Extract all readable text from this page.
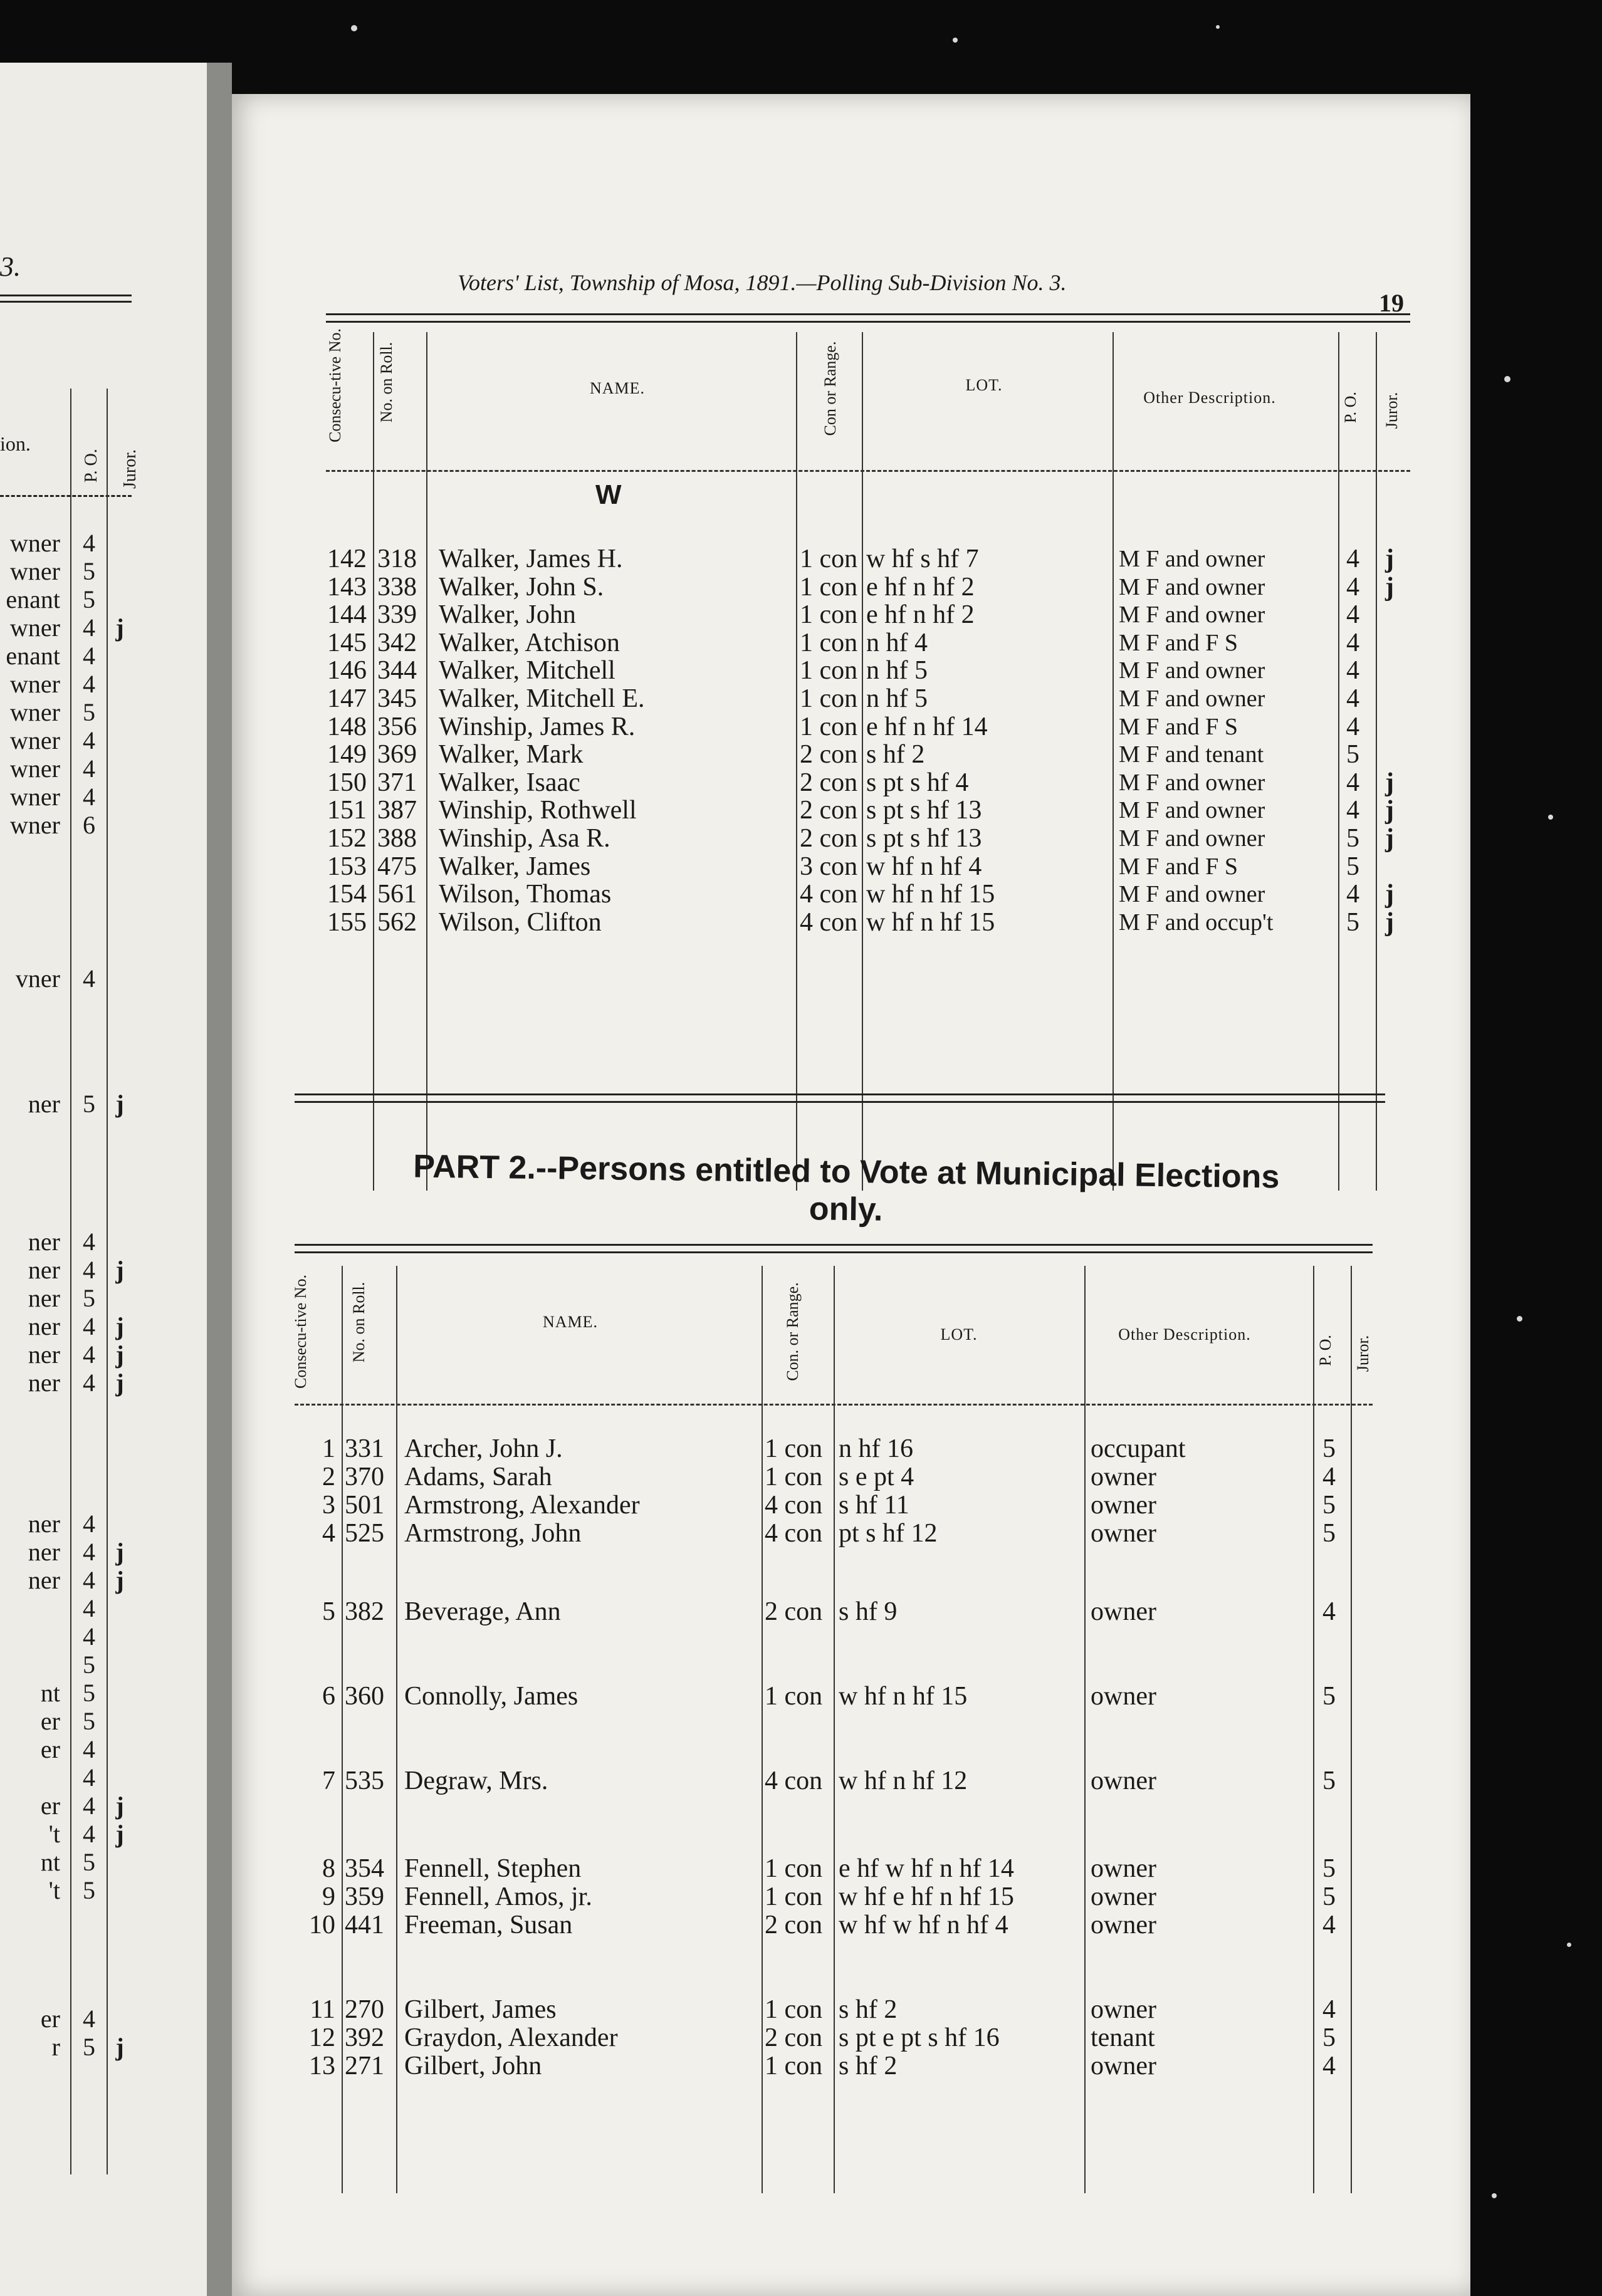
3.
ion.
P. O. Juror.
wner 4
wner 5
enant 5
wner 4 j
enant 4
wner 4
wner 5
wner 4
wner 4
wner 4
wner 6
vner 4
ner 5 j
ner 4
ner 4 j
ner 5
ner 4 j
ner 4 j
ner 4 j
ner 4
ner 4 j
ner 4 j
4
4
5
nt 5
er 5
er 4
4
er 4 j
't 4 j
nt 5
't 5
er 4
r 5 j
Voters' List, Township of Mosa, 1891.—Polling Sub-Division No. 3.
19
Consecu-tive No. No. on Roll.	NAME.	Con or Range.	LOT.
Other Description.	P. O. Juror.
W
142 318 Walker, James H.	1 con w hf s hf 7	M F and owner	4 j
143 338 Walker, John S.	1 con e hf n hf 2	M F and owner	4 j
144 339 Walker, John	1 con e hf n hf 2	M F and owner	4
145 342 Walker, Atchison	1 con n hf 4	M F and F S	4
146 344 Walker, Mitchell	1 con n hf 5	M F and owner	4
147 345 Walker, Mitchell E.	1 con n hf 5	M F and owner	4
148 356 Winship, James R.	1 con e hf n hf 14	M F and F S	4
149 369 Walker, Mark	2 con s hf 2	M F and tenant	5
150 371 Walker, Isaac	2 con s pt s hf 4	M F and owner	4 j
151 387 Winship, Rothwell	2 con s pt s hf 13	M F and owner	4 j
152 388 Winship, Asa R.	2 con s pt s hf 13	M F and owner	5 j
153 475 Walker, James	3 con w hf n hf 4	M F and F S	5
154 561 Wilson, Thomas	4 con w hf n hf 15	M F and owner	4 j
155 562 Wilson, Clifton	4 con w hf n hf 15	M F and occup't	5 j
PART 2.--Persons entitled to Vote at Municipal Elections
only.
Consecu-tive No. No. on Roll.	NAME.	Con. or Range.	LOT.	Other Description.
P. O. Juror.
1 331 Archer, John J.	1 con n hf 16	occupant	5
2 370 Adams, Sarah	1 con s e pt 4	owner	4
3 501 Armstrong, Alexander	4 con s hf 11	owner	5
4 525 Armstrong, John	4 con pt s hf 12	owner	5
5 382 Beverage, Ann	2 con s hf 9	owner	4
6 360 Connolly, James	1 con w hf n hf 15	owner	5
7 535 Degraw, Mrs.	4 con w hf n hf 12	owner	5
8 354 Fennell, Stephen	1 con e hf w hf n hf 14	owner	5
9 359 Fennell, Amos, jr.	1 con w hf e hf n hf 15	owner	5
10 441 Freeman, Susan	2 con w hf w hf n hf 4	owner	4
11 270 Gilbert, James	1 con s hf 2	owner	4
12 392 Graydon, Alexander	2 con s pt e pt s hf 16	tenant	5
13 271 Gilbert, John	1 con s hf 2	owner	4
